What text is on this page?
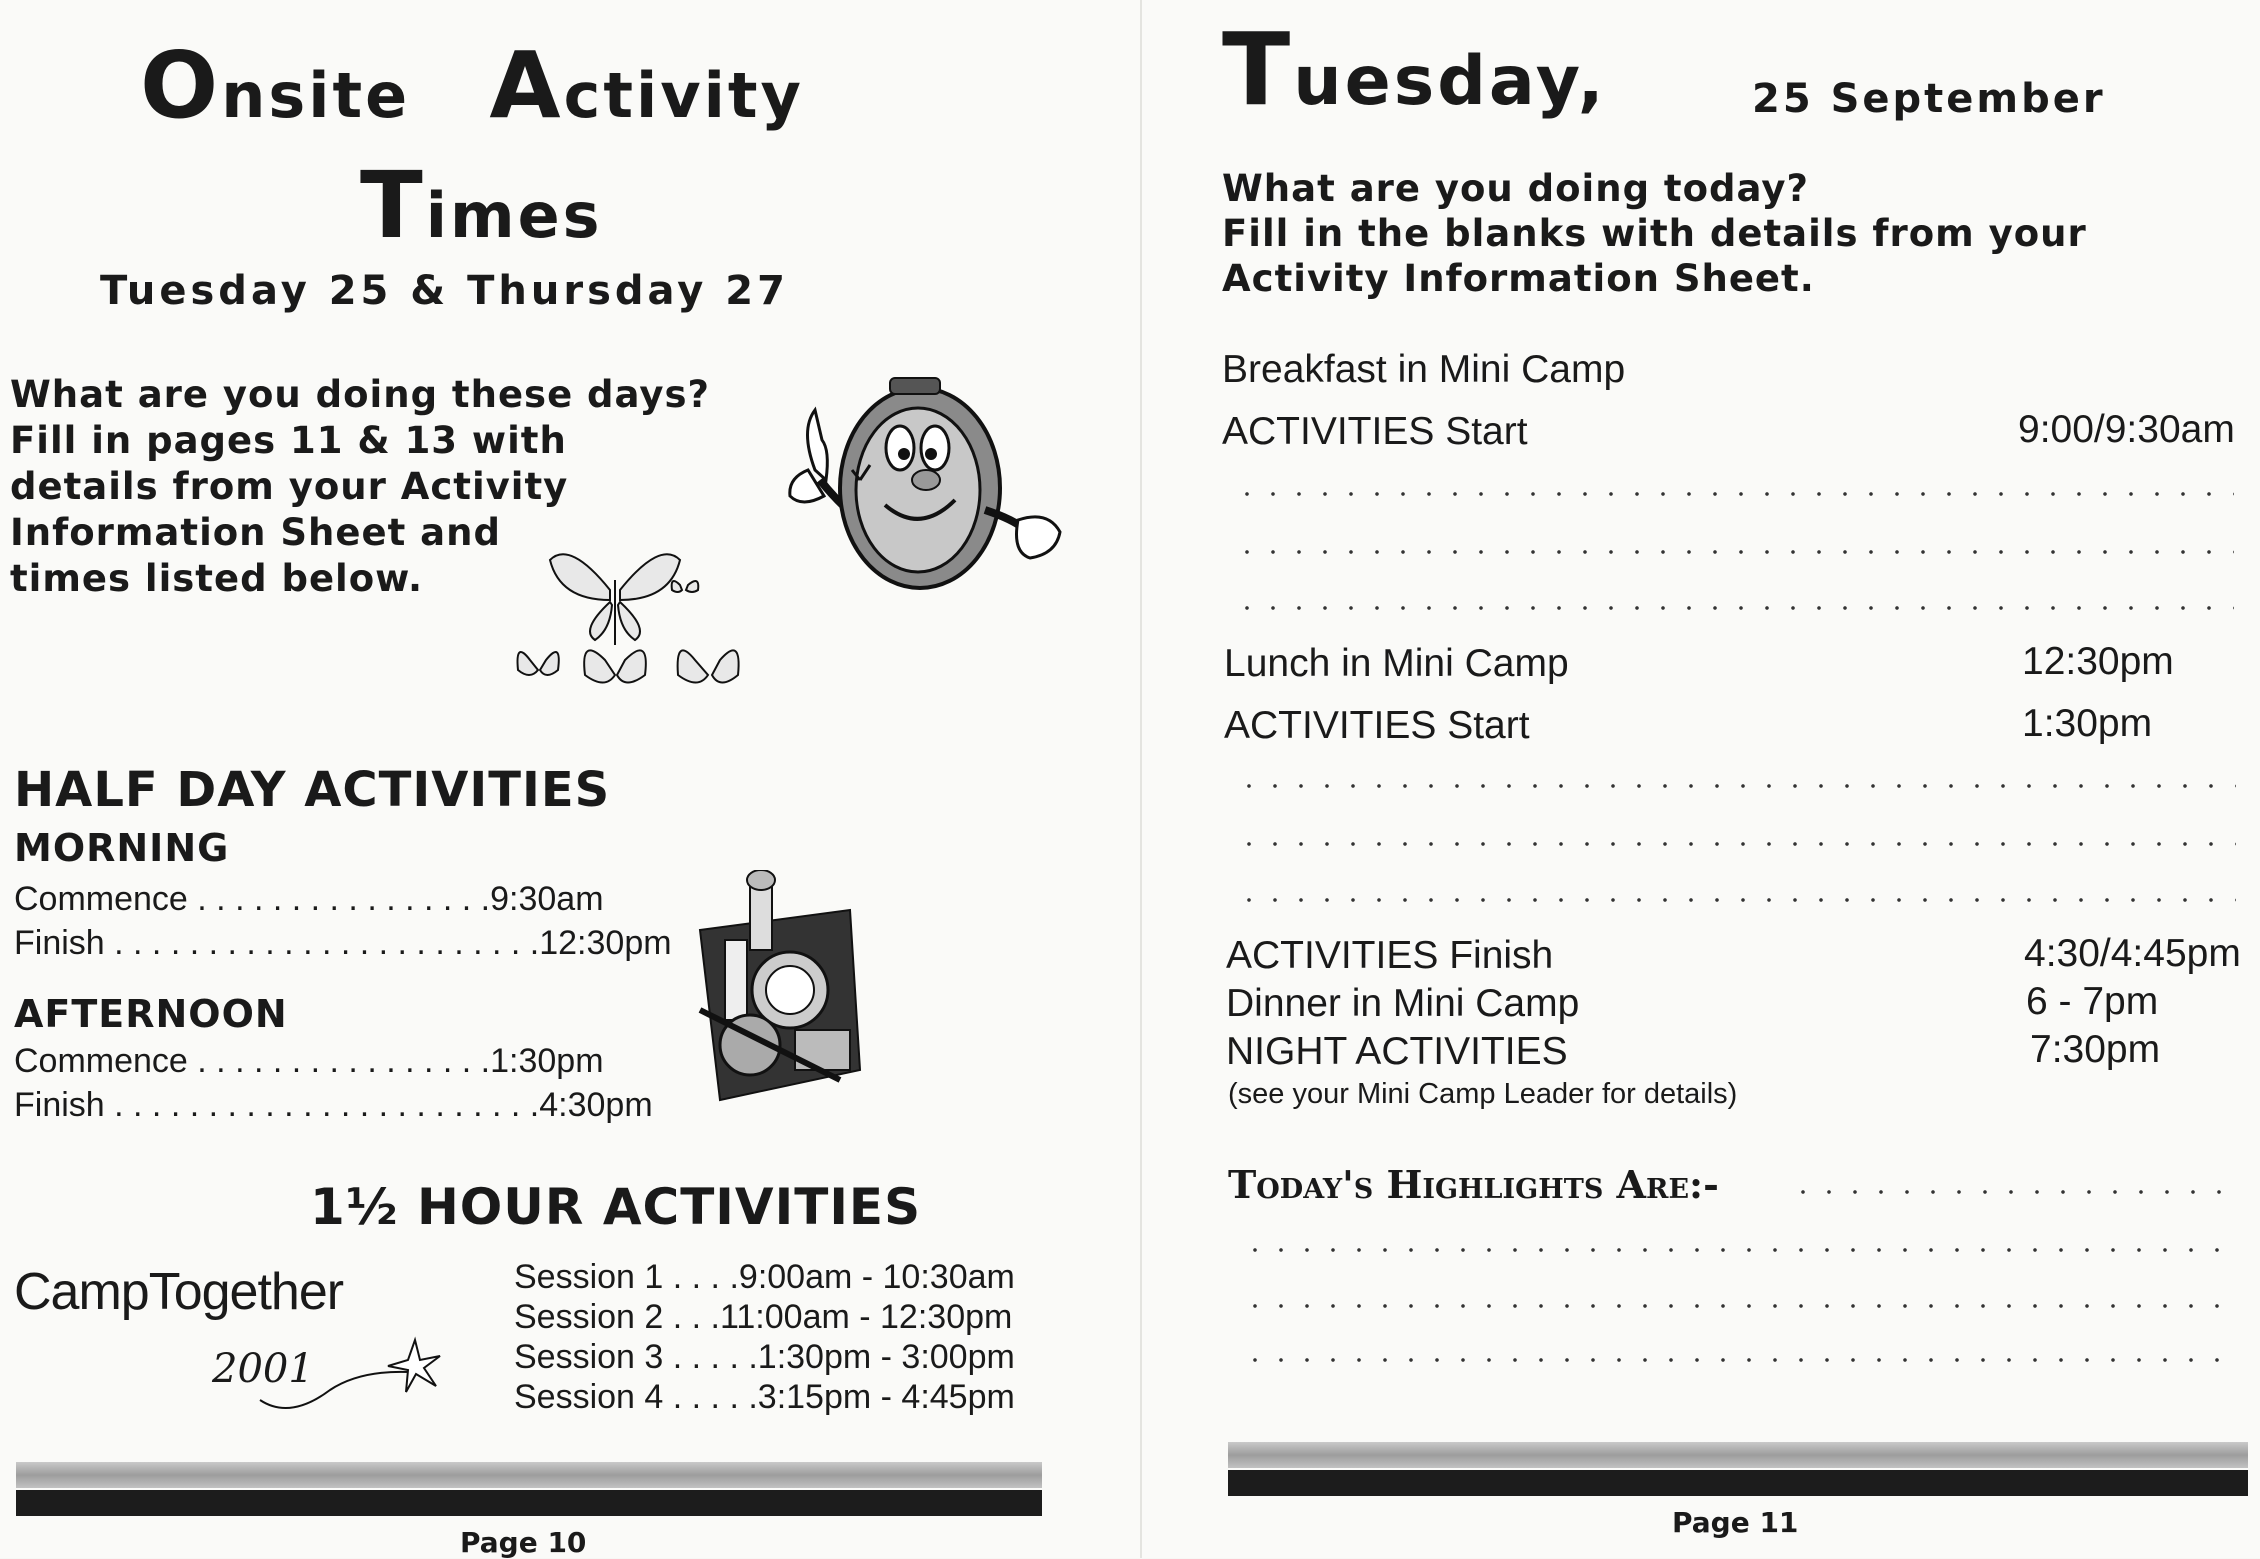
Onsite Activity
Times
Tuesday 25 & Thursday 27
What are you doing these days?
Fill in pages 11 & 13 with
details from your Activity
Information Sheet and
times listed below.
HALF DAY ACTIVITIES
MORNING
Commence . . . . . . . . . . . . . . . .9:30am
Finish . . . . . . . . . . . . . . . . . . . . . . .12:30pm
AFTERNOON
Commence . . . . . . . . . . . . . . . .1:30pm
Finish . . . . . . . . . . . . . . . . . . . . . . .4:30pm
1½ HOUR ACTIVITIES
CampTogether
2001
Session 1 . . . .9:00am - 10:30am
Session 2 . . .11:00am - 12:30pm
Session 3 . . . . .1:30pm - 3:00pm
Session 4 . . . . .3:15pm - 4:45pm
Page 10
Tuesday,	25 September
What are you doing today?
Fill in the blanks with details from your
Activity Information Sheet.
Breakfast in Mini Camp
ACTIVITIES Start	9:00/9:30am
Lunch in Mini Camp	12:30pm
ACTIVITIES Start	1:30pm
ACTIVITIES Finish	4:30/4:45pm
Dinner in Mini Camp	6 - 7pm
NIGHT ACTIVITIES	7:30pm
(see your Mini Camp Leader for details)
Today's Highlights Are:-
Page 11
